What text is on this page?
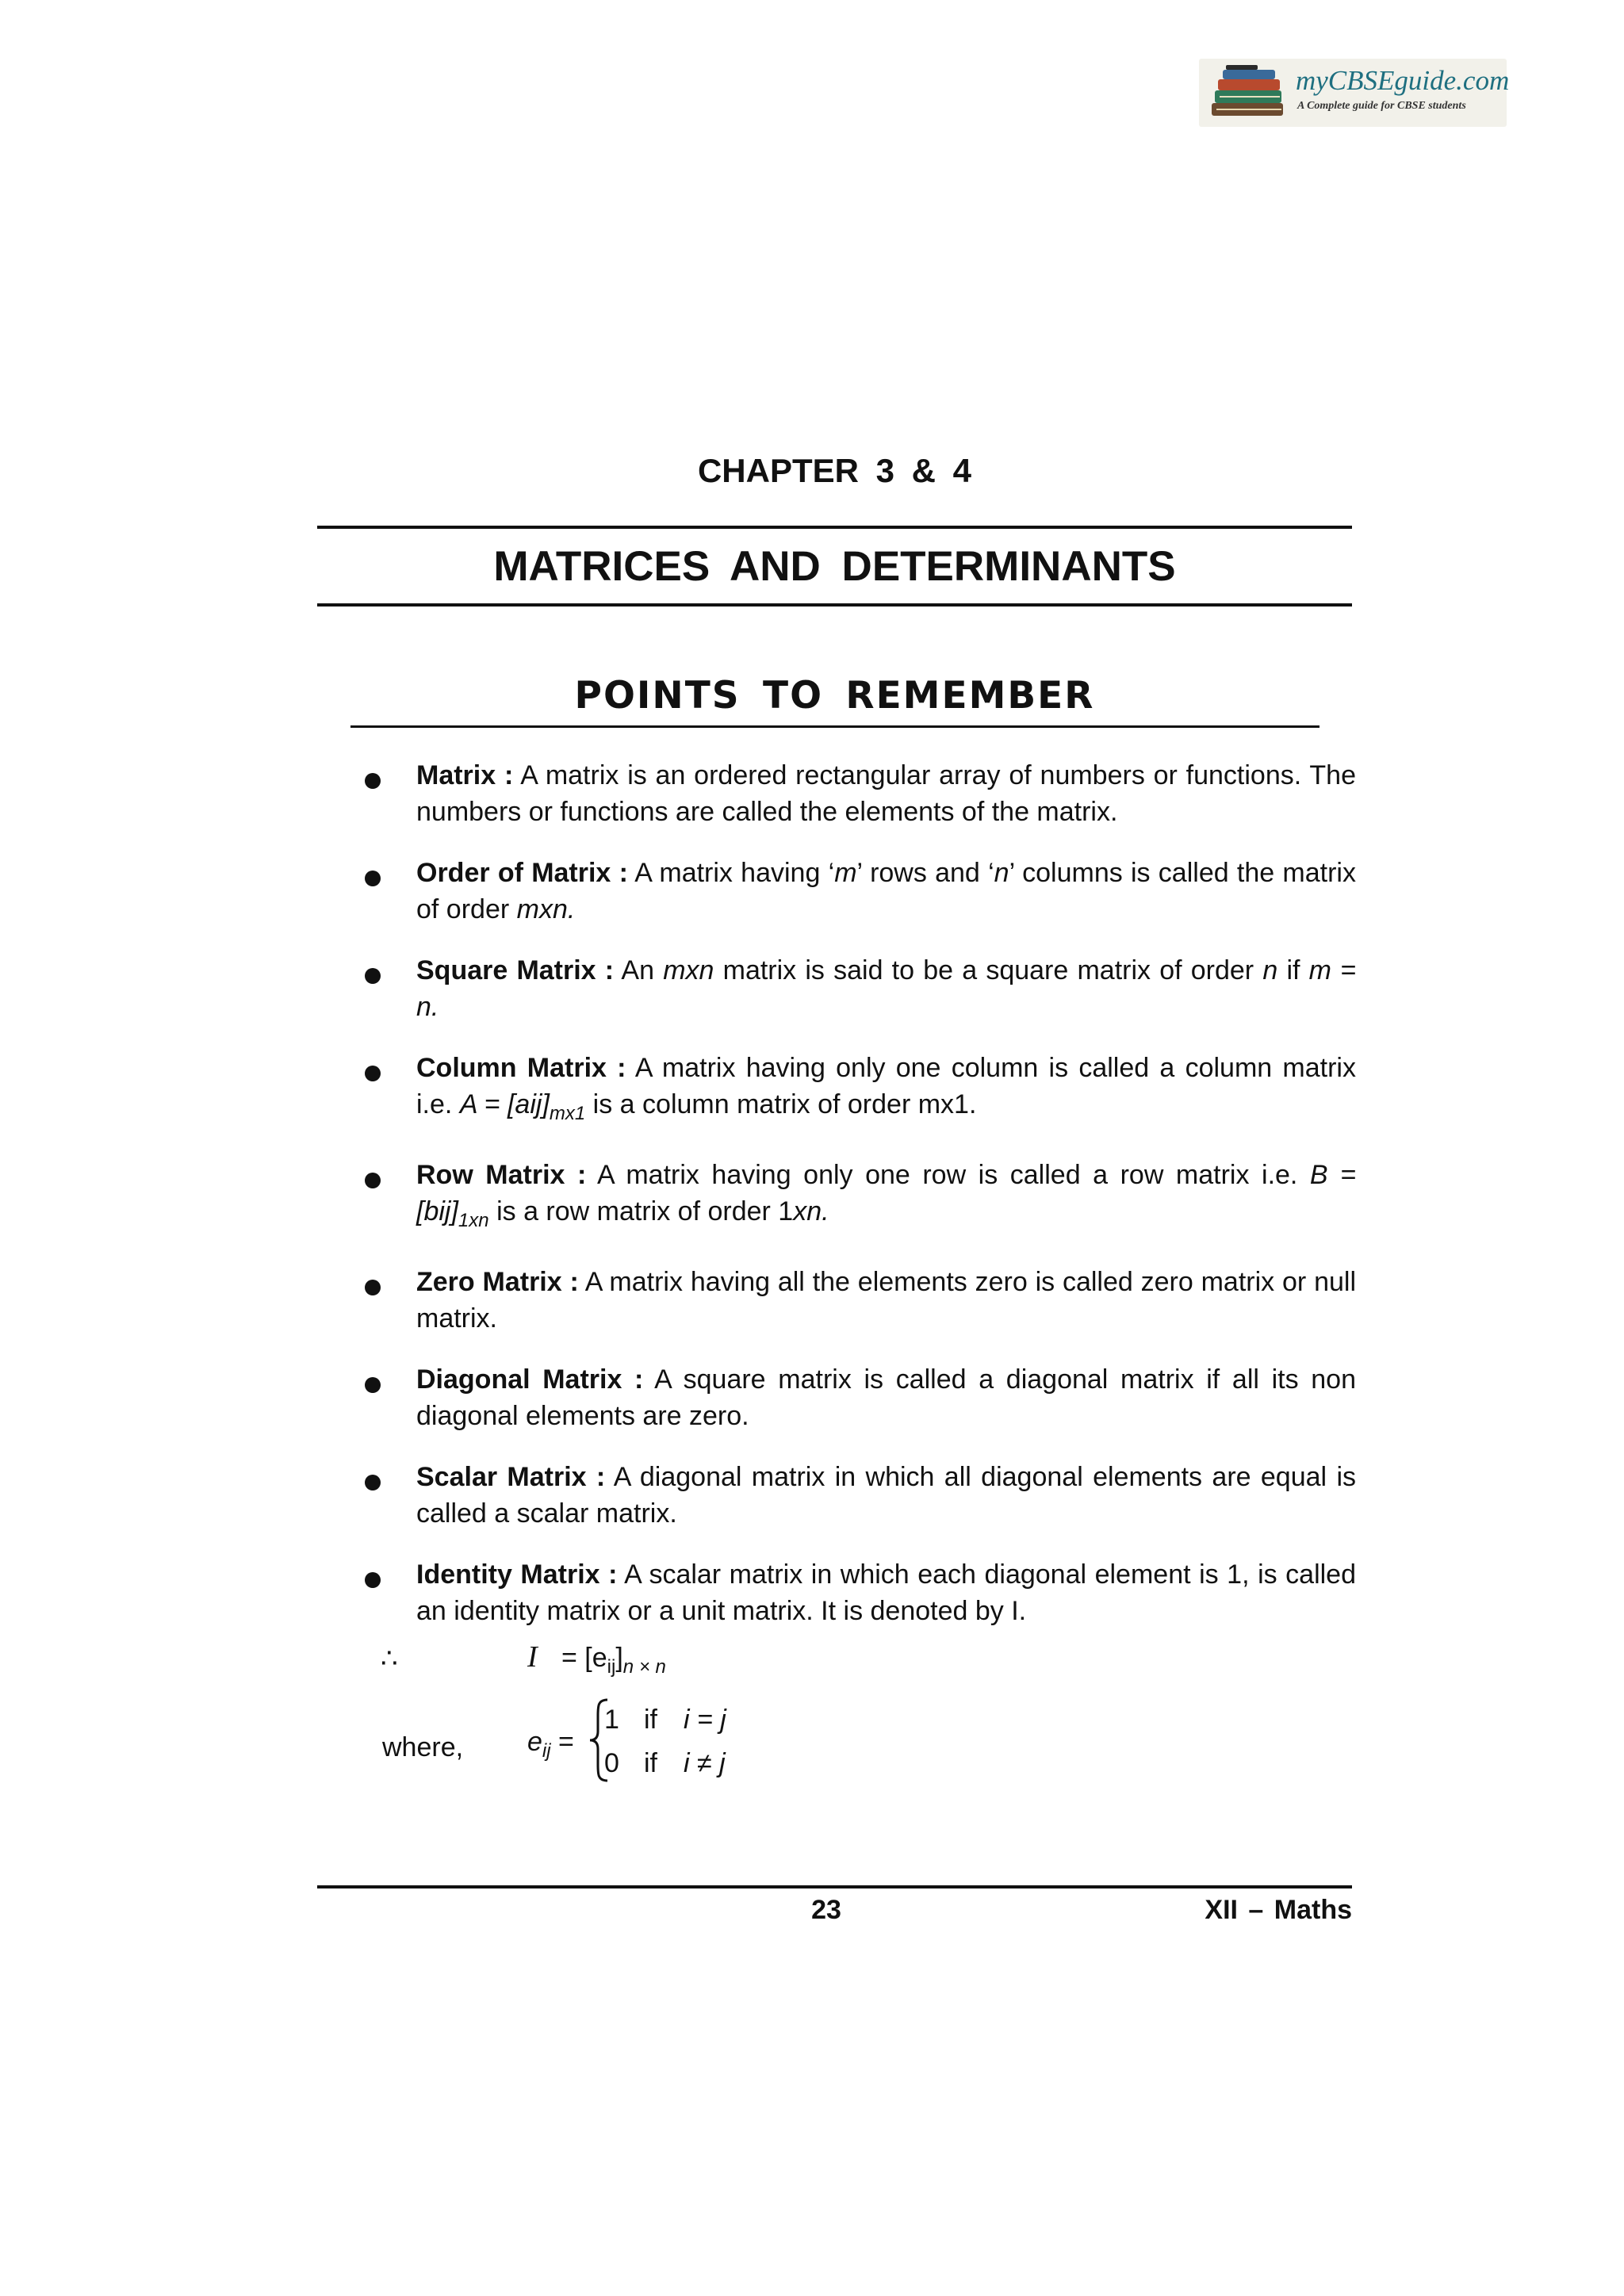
myCBSEguide.com
A Complete guide for CBSE students
CHAPTER 3 & 4
MATRICES AND DETERMINANTS
POINTS TO REMEMBER
Matrix : A matrix is an ordered rectangular array of numbers or functions. The numbers or functions are called the elements of the matrix.
Order of Matrix : A matrix having ‘m’ rows and ‘n’ columns is called the matrix of order mxn.
Square Matrix : An mxn matrix is said to be a square matrix of order n if m = n.
Column Matrix : A matrix having only one column is called a column matrix i.e. $A = [aij]_{mx1}$ is a column matrix of order mx1.
Row Matrix : A matrix having only one row is called a row matrix i.e. $B = [bij]_{1xn}$ is a row matrix of order 1xn.
Zero Matrix : A matrix having all the elements zero is called zero matrix or null matrix.
Diagonal Matrix : A square matrix is called a diagonal matrix if all its non diagonal elements are zero.
Scalar Matrix : A diagonal matrix in which all diagonal elements are equal is called a scalar matrix.
Identity Matrix : A scalar matrix in which each diagonal element is 1, is called an identity matrix or a unit matrix. It is denoted by I.
∴	$I = [e_{ij}]_{n \times n}$
where, $e_{ij}$ =
1 if i = j
0 if i ≠ j
23	XII – Maths
